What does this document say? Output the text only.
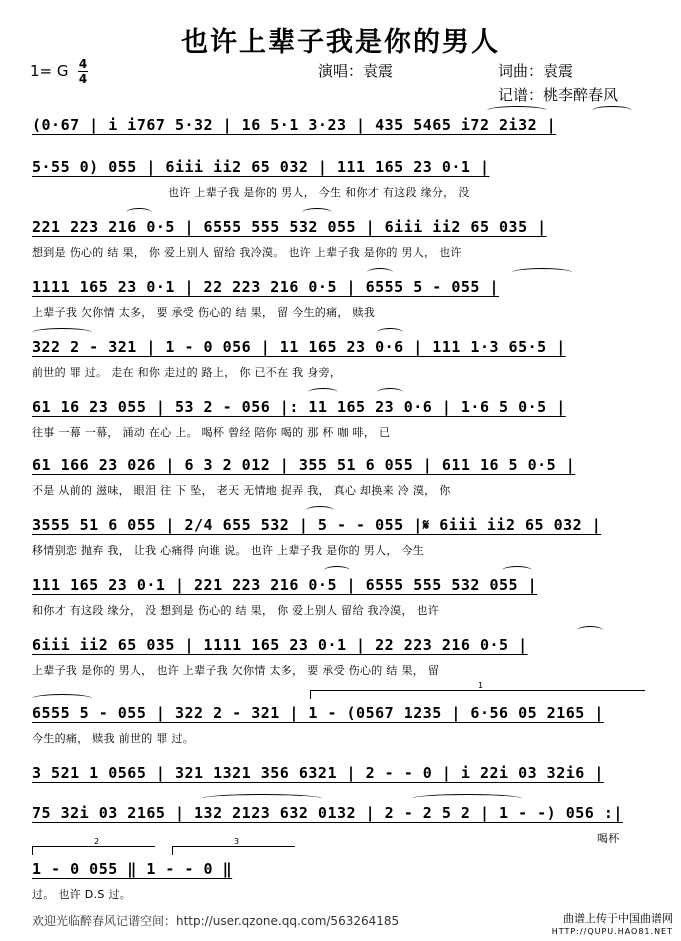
也许上辈子我是你的男人
1= G 4
4	演唱：袁震	词曲：袁震
记谱：桃李醉春风
(0·67 | i i767 5·32 | 16 5·1 3·23 | 435 5465 i72 2i32 |
5·55 0) 055 | 6iii ii2 65 032 | 111 165 23 0·1 |
也许 上辈子我 是你的 男人， 今生 和你才 有这段 缘分， 没
221 223 216 0·5 | 6555 555 532 055 | 6iii ii2 65 035 |
想到是 伤心的 结 果， 你 爱上别人 留给 我冷漠。 也许 上辈子我 是你的 男人， 也许
1111 165 23 0·1 | 22 223 216 0·5 | 6555 5 - 055 |
上辈子我 欠你情 太多， 要 承受 伤心的 结 果， 留 今生的痛， 赎我
322 2 - 321 | 1 - 0 056 | 11 165 23 0·6 | 111 1·3 65·5 |
前世的 罪 过。 走在 和你 走过的 路上， 你 已不在 我 身旁，
61 16 23 055 | 53 2 - 056 |: 11 165 23 0·6 | 1·6 5 0·5 |
往事 一幕 一幕， 涌动 在心 上。 喝杯 曾经 陪你 喝的 那 杯 咖 啡， 已
61 166 23 026 | 6 3 2 012 | 355 51 6 055 | 611 16 5 0·5 |
不是 从前的 滋味， 眼泪 往 下 坠， 老天 无情地 捉弄 我， 真心 却换来 冷 漠， 你
3555 51 6 055 | 2/4 655 532 | 5 - - 055 |𝄋 6iii ii2 65 032 |
移情别恋 抛弃 我， 让我 心痛得 向谁 说。 也许 上辈子我 是你的 男人， 今生
111 165 23 0·1 | 221 223 216 0·5 | 6555 555 532 055 |
和你才 有这段 缘分， 没 想到是 伤心的 结 果， 你 爱上别人 留给 我冷漠， 也许
6iii ii2 65 035 | 1111 165 23 0·1 | 22 223 216 0·5 |
上辈子我 是你的 男人， 也许 上辈子我 欠你情 太多， 要 承受 伤心的 结 果， 留
1
6555 5 - 055 | 322 2 - 321 | 1 - (0567 1235 | 6·56 05 2165 |
今生的痛， 赎我 前世的 罪 过。
3 521 1 0565 | 321 1321 356 6321 | 2 - - 0 | i 22i 03 32i6 |
75 32i 03 2165 | 132 2123 632 0132 | 2 - 2 5 2 | 1 - -) 056 :|
喝杯
2	3
1 - 0 055 ‖ 1 - - 0 ‖
过。 也许 D.S 过。
欢迎光临醉春风记谱空间：http://user.qzone.qq.com/563264185	曲谱上传于中国曲谱网
HTTP://QUPU.HAO81.NET
